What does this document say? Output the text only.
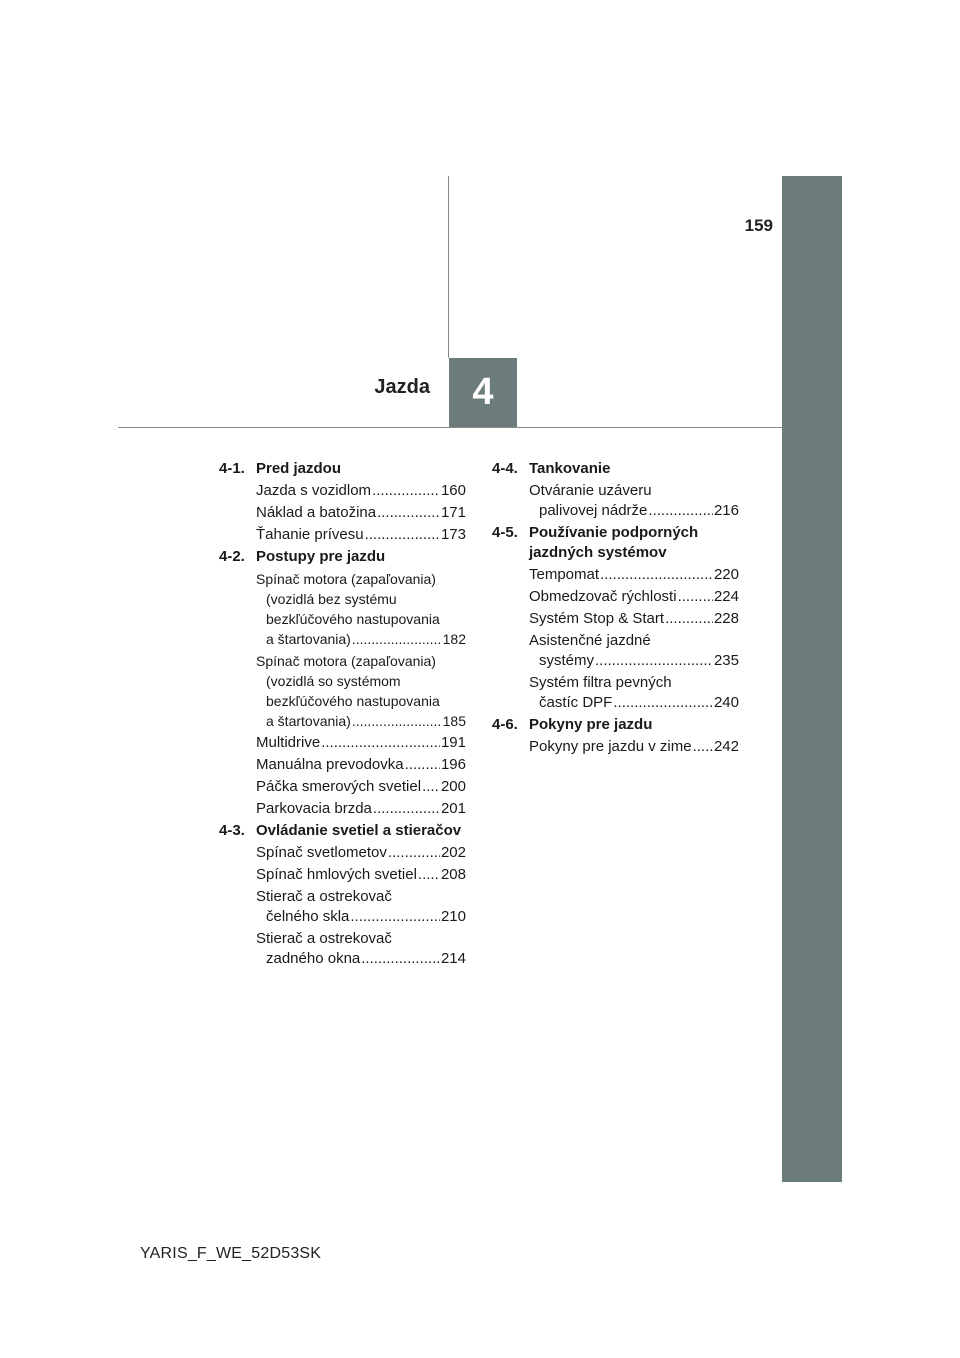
159
Jazda 4
4-1. Pred jazdou
Jazda s vozidlom .....	160
Náklad a batožina .....	171
Ťahanie prívesu .....	173
4-2. Postupy pre jazdu
Spínač motora (zapaľovania)
(vozidlá bez systému
bezkľúčového nastupovania
a štartovania) .....	182
Spínač motora (zapaľovania)
(vozidlá so systémom
bezkľúčového nastupovania
a štartovania) .....	185
Multidrive .....	191
Manuálna prevodovka ..... 196
Páčka smerových svetiel ..... 200
Parkovacia brzda .....	201
4-3. Ovládanie svetiel a stieračov
Spínač svetlometov .....	202
Spínač hmlových svetiel ..... 208
Stierač a ostrekovač
čelného skla .....	210
Stierač a ostrekovač
zadného okna .....	214
4-4. Tankovanie
Otváranie uzáveru
palivovej nádrže .....	216
4-5. Používanie podporných jazdných systémov
Tempomat .....	220
Obmedzovač rýchlosti ..... 224
Systém Stop & Start .....	228
Asistenčné jazdné
systémy .....	235
Systém filtra pevných
častíc DPF .....	240
4-6. Pokyny pre jazdu
Pokyny pre jazdu v zime ..... 242
YARIS_F_WE_52D53SK
